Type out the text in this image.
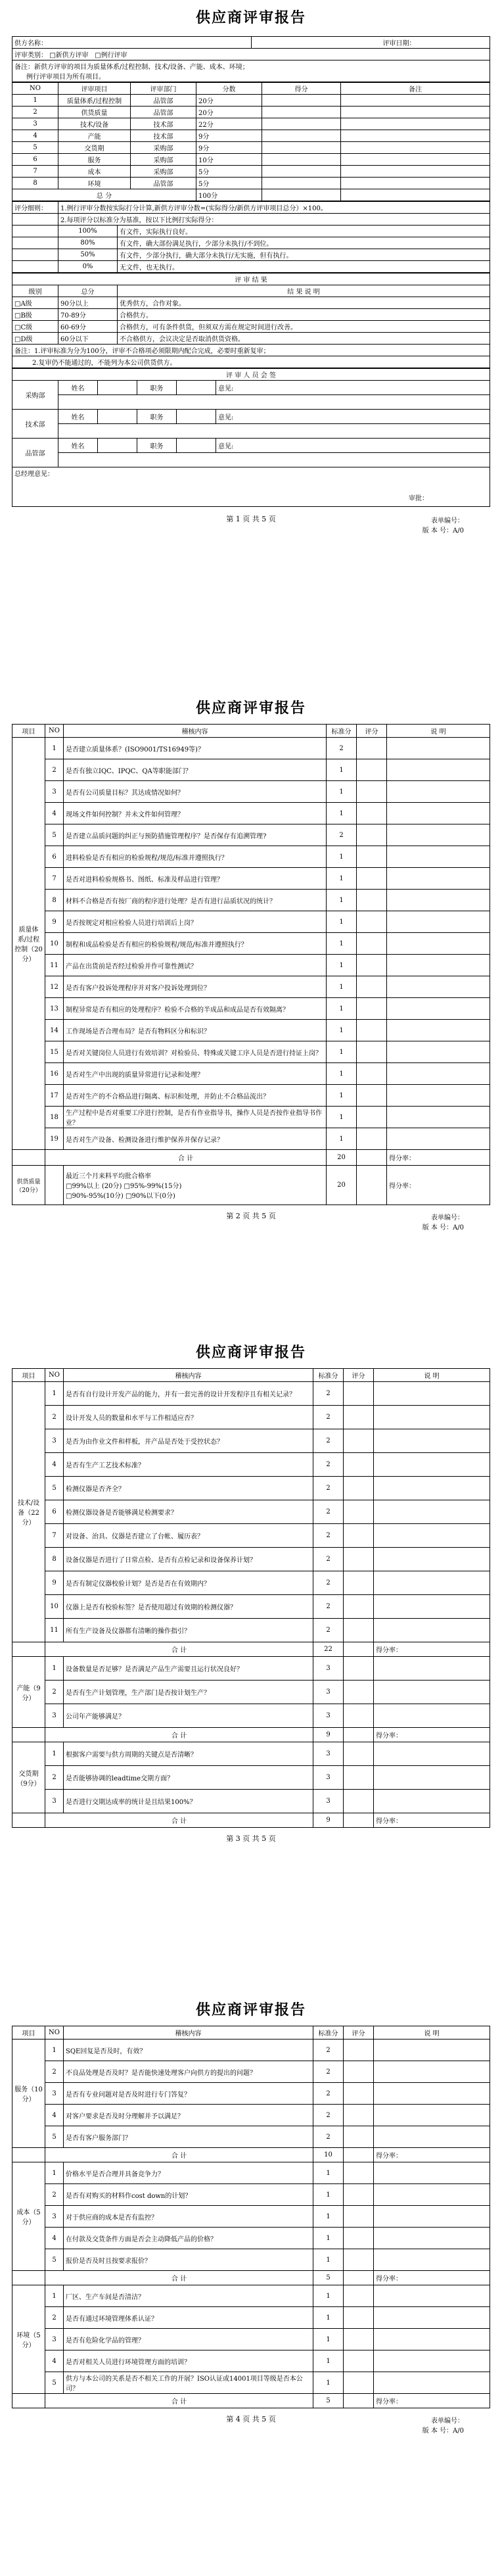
供应商评审报告
供方名称：	评审日期：
评审类别： □新供方评审 □例行评审

备注：新供方评审的项目为质量体系/过程控制、技术/设备、产能、成本、环境；
例行评审项目为所有项目。
NO	评审项目	评审部门	分数	得分	备注
1	质量体系/过程控制	品管部	20分		
2	供货质量	品管部	20分		
3	技术/设备	技术部	22分		
4	产能	技术部	9分		
5	交货期	采购部	9分		
6	服务	采购部	10分		
7	成本	采购部	5分		
8	环境	品管部	5分		
总 分			100分		
评分细则：	1.例行评审分数按实际打分计算,新供方评审分数=(实际得分/新供方评审项目总分）×100。	
	2.每项评分以标准分为基准，按以下比例打实际得分：	
	100%	有文件，实际执行良好。
	80%	有文件，确大部份满足执行，少部分未执行/不到位。
	50%	有文件，少部分执行，确大部分未执行/无实施，但有执行。
	0%	无文件，也无执行。
评 审 结 果		
级别	总分	结 果 说 明
□A级	90分以上	优秀供方，合作对象。
□B级	70-89分	合格供方。
□C级	60-69分	合格供方，可有条件供货，但须双方需在规定时间进行改善。
□D级	60分以下	不合格供方，会议决定是否取消供货资格。
备注：1.评审标准为分为100分，评审不合格项必须限期内配合完成，必要时重新复审；		
2.复审仍不能通过的，不能列为本公司供货供方。		
评 审 人 员 会 签					
采购部	姓名		职务		意见:

技术部	姓名		职务		意见:

品管部	姓名		职务		意见:

总经理意见：
审批：					
第 1 页 共 5 页	表单编号：
版 本 号：A/0
供应商评审报告
项目	NO	稽核内容	标准分	评分	说 明
质量体系/过程控制（20分）	1	是否建立质量体系？(ISO9001/TS16949等)？	2		
	2	是否有独立IQC、IPQC、QA等职能部门？	1		
	3	是否有公司质量目标？其达成情况如何？	1		
	4	现场文件如何控制？并未文件如何管理？	1		
	5	是否建立品质问题的纠正与预防措施管理程序？是否保存有追溯管理?	2		
	6	进料检验是否有相应的检验规程/规范/标准并遵照执行？	1		
	7	是否对进料检验规格书、图纸、标准及样品进行管理？	1		
	8	材料不合格是否有按厂商的程序进行处理？是否有进行品质状况的统计？	1		
	9	是否按规定对相应检验人员进行培训后上岗？	1		
	10	制程和成品检验是否有相应的检验规程/规范/标准并遵照执行？	1		
	11	产品在出货前是否经过检验并作可靠性测试？	1		
	12	是否有客户投诉处理程序并对客户投诉处理到位？	1		
	13	制程异常是否有相应的处理程序？检验不合格的半成品和成品是否有效隔离？	1		
	14	工作现场是否合理布局？是否有物料区分和标识？	1		
	15	是否对关键岗位人员进行有效培训？对检验员、特殊或关键工序人员是否进行持证上岗？	1		
	16	是否对生产中出现的质量异常进行记录和处理？	1		
	17	是否对生产的不合格品进行隔离、标识和处理，并防止不合格品流出？	1		
	18	生产过程中是否对重要工序进行控制，是否有作业指导书，操作人员是否按作业指导书作业？	1		
	19	是否对生产设备、检测设备进行维护保养并保存记录？	1		
	合 计		20		得分率：
供货质量（20分）		最近三个月来料平均批合格率
□99%以上 (20分) □95%-99%(15分)
□90%-95%(10分) □90%以下(0分)	20		得分率：
第 2 页 共 5 页	表单编号：
版 本 号：A/0
供应商评审报告
项目	NO	稽核内容	标准分	评分	说 明
技术/设备（22分）	1	是否有自行设计开发产品的能力，并有一套完善的设计开发程序且有相关记录？	2		
	2	设计开发人员的数量和水平与工作相适应否？	2		
	3	是否为由作业文件和样板，并产品是否处于受控状态？	2		
	4	是否有生产工艺技术标准？	2		
	5	检测仪器是否齐全？	2		
	6	检测仪器设备是否能够满足检测要求？	2		
	7	对设备、治具、仪器是否建立了台帐、履历表？	2		
	8	设备仪器是否进行了日常点检、是否有点检记录和设备保养计划？	2		
	9	是否有制定仪器校验计划？是否是否在有效期内？	2		
	10	仪器上是否有校验标签？是否使用超过有效期的检测仪器？	2		
	11	所有生产设备及仪器都有清晰的操作指引？	2		
	合 计		22		得分率：
产能（9分）	1	设备数量是否足够？是否满足产品生产需要且运行状况良好？	3		
	2	是否有生产计划管理，生产部门是否按计划生产？	3		
	3	公司年产能够满足？	3		
	合 计		9		得分率：
交货期（9分）	1	根据客户需要与供方周期的关键点是否清晰？	3		
	2	是否能够协调的leadtime交期方面？	3		
	3	是否进行交期达成率的统计是且结果100%？	3		
	合 计		9		得分率：
第 3 页 共 5 页
供应商评审报告
项目	NO	稽核内容	标准分	评分	说 明
服务（10分）	1	SQE回复是否及时，有效？	2		
	2	不良品处理是否及时？是否能快速处理客户向供方的提出的问题？	2		
	3	是否有专业问题对是否及时进行专门答复？	2		
	4	对客户要求是否及时分理解并予以满足？	2		
	5	是否有客户服务部门？	2		
	合 计		10		得分率：
成本（5分）	1	价格水平是否合理并具备竞争力？	1		
	2	是否有对购买的材料作cost down的计划？	1		
	3	对于供应商的成本是否有监控？	1		
	4	在付款及交货条件方面是否会主动降低产品的价格？	1		
	5	报价是否及时且按要求报价？	1		
	合 计		5		得分率：
环境（5分）	1	厂区、生产车间是否清洁？	1		
	2	是否有通过环境管理体系认证？	1		
	3	是否有危险化学品的管理？	1		
	4	是否对相关人员进行环境管理方面的培训？	1		
	5	供方与本公司的关系是否不相关工作的开展？ISO认证或14001项目等级是否本公司？	1		
	合 计		5		得分率：
第 4 页 共 5 页	表单编号：
版 本 号：A/0
